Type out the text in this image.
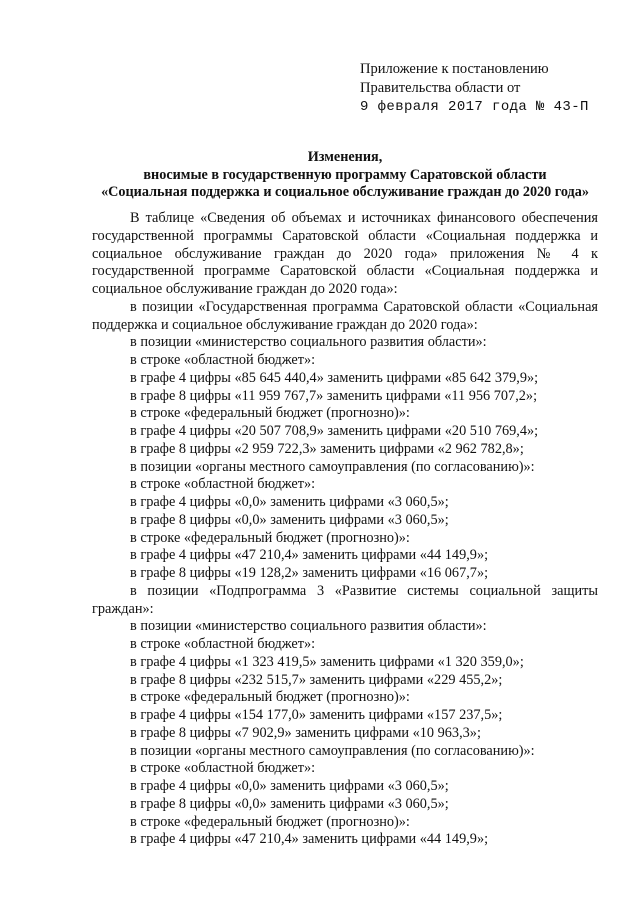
Приложение к постановлению
Правительства области от
9 февраля 2017 года № 43-П
Изменения,
вносимые в государственную программу Саратовской области
«Социальная поддержка и социальное обслуживание граждан до 2020 года»

В таблице «Сведения об объемах и источниках финансового обеспечения государственной программы Саратовской области «Социальная поддержка и социальное обслуживание граждан до 2020 года» приложения № 4 к государственной программе Саратовской области «Социальная поддержка и социальное обслуживание граждан до 2020 года»:

в позиции «Государственная программа Саратовской области «Социальная поддержка и социальное обслуживание граждан до 2020 года»:

в позиции «министерство социального развития области»:

в строке «областной бюджет»:

в графе 4 цифры «85 645 440,4» заменить цифрами «85 642 379,9»;

в графе 8 цифры «11 959 767,7» заменить цифрами «11 956 707,2»;

в строке «федеральный бюджет (прогнозно)»:

в графе 4 цифры «20 507 708,9» заменить цифрами «20 510 769,4»;

в графе 8 цифры «2 959 722,3» заменить цифрами «2 962 782,8»;

в позиции «органы местного самоуправления (по согласованию)»:

в строке «областной бюджет»:

в графе 4 цифры «0,0» заменить цифрами «3 060,5»;

в графе 8 цифры «0,0» заменить цифрами «3 060,5»;

в строке «федеральный бюджет (прогнозно)»:

в графе 4 цифры «47 210,4» заменить цифрами «44 149,9»;

в графе 8 цифры «19 128,2» заменить цифрами «16 067,7»;

в позиции «Подпрограмма 3 «Развитие системы социальной защиты граждан»:

в позиции «министерство социального развития области»:

в строке «областной бюджет»:

в графе 4 цифры «1 323 419,5» заменить цифрами «1 320 359,0»;

в графе 8 цифры «232 515,7» заменить цифрами «229 455,2»;

в строке «федеральный бюджет (прогнозно)»:

в графе 4 цифры «154 177,0» заменить цифрами «157 237,5»;

в графе 8 цифры «7 902,9» заменить цифрами «10 963,3»;

в позиции «органы местного самоуправления (по согласованию)»:

в строке «областной бюджет»:

в графе 4 цифры «0,0» заменить цифрами «3 060,5»;

в графе 8 цифры «0,0» заменить цифрами «3 060,5»;

в строке «федеральный бюджет (прогнозно)»:

в графе 4 цифры «47 210,4» заменить цифрами «44 149,9»;
